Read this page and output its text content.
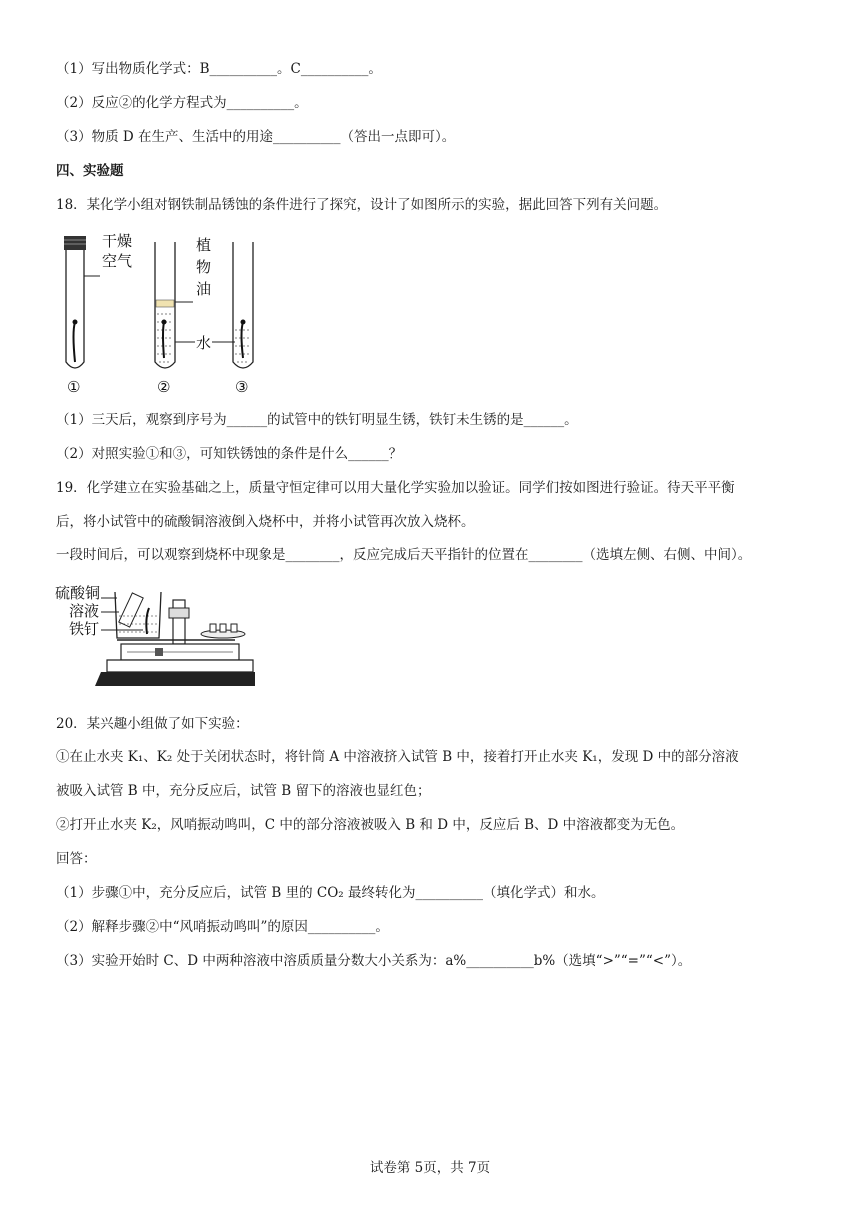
（1）写出物质化学式：B__________。C__________。
（2）反应②的化学方程式为__________。
（3）物质 D 在生产、生活中的用途__________（答出一点即可）。
四、实验题
18．某化学小组对钢铁制品锈蚀的条件进行了探究，设计了如图所示的实验，据此回答下列有关问题。
干燥
空气
植
物
油
水
①	②	③
（1）三天后，观察到序号为______的试管中的铁钉明显生锈，铁钉未生锈的是______。
（2）对照实验①和③，可知铁锈蚀的条件是什么______？
19．化学建立在实验基础之上，质量守恒定律可以用大量化学实验加以验证。同学们按如图进行验证。待天平平衡
后，将小试管中的硫酸铜溶液倒入烧杯中，并将小试管再次放入烧杯。
一段时间后，可以观察到烧杯中现象是________，反应完成后天平指针的位置在________（选填左侧、右侧、中间）。
硫酸铜
溶液
铁钉
20．某兴趣小组做了如下实验：
①在止水夹 K₁、K₂ 处于关闭状态时，将针筒 A 中溶液挤入试管 B 中，接着打开止水夹 K₁，发现 D 中的部分溶液
被吸入试管 B 中，充分反应后，试管 B 留下的溶液也显红色；
②打开止水夹 K₂，风哨振动鸣叫，C 中的部分溶液被吸入 B 和 D 中，反应后 B、D 中溶液都变为无色。
回答：
（1）步骤①中，充分反应后，试管 B 里的 CO₂ 最终转化为__________（填化学式）和水。
（2）解释步骤②中“风哨振动鸣叫”的原因__________。
（3）实验开始时 C、D 中两种溶液中溶质质量分数大小关系为：a%__________b%（选填“>”“=”“<”）。
试卷第 5页，共 7页
